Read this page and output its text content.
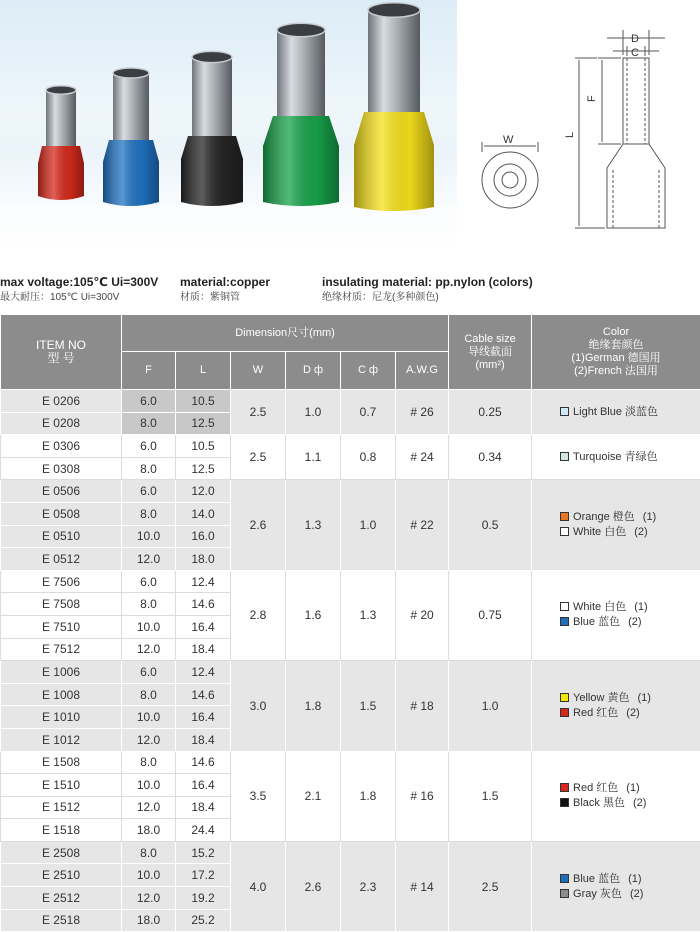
W
D
C
F
L
max voltage:105℃ Ui=300V
最大耐压：105℃ Ui=300V
material:copper
材质：紫铜管
insulating material: pp.nylon (colors)
绝缘材质：尼龙(多种颜色)
ITEM NO
型 号	Dimension尺寸(mm)						Cable size
导线截面
(mm²)	Color
绝缘套颜色
(1)German 德国用
(2)French 法国用

	F	L	W	D ф	C ф	A.W.G		
E 0206	6.0	10.5	2.5	1.0	0.7	# 26	0.25	Light Blue 淡蓝色

E 0208	8.0	12.5						
E 0306	6.0	10.5	2.5	1.1	0.8	# 24	0.34	Turquoise 青绿色

E 0308	8.0	12.5						
E 0506	6.0	12.0	2.6	1.3	1.0	# 22	0.5	Orange 橙色 (1)
White 白色 (2)

E 0508	8.0	14.0						
E 0510	10.0	16.0						
E 0512	12.0	18.0						
E 7506	6.0	12.4	2.8	1.6	1.3	# 20	0.75	White 白色 (1)
Blue 蓝色 (2)

E 7508	8.0	14.6						
E 7510	10.0	16.4						
E 7512	12.0	18.4						
E 1006	6.0	12.4	3.0	1.8	1.5	# 18	1.0	Yellow 黄色 (1)
Red 红色 (2)

E 1008	8.0	14.6						
E 1010	10.0	16.4						
E 1012	12.0	18.4						
E 1508	8.0	14.6	3.5	2.1	1.8	# 16	1.5	Red 红色 (1)
Black 黑色 (2)

E 1510	10.0	16.4						
E 1512	12.0	18.4						
E 1518	18.0	24.4						
E 2508	8.0	15.2	4.0	2.6	2.3	# 14	2.5	Blue 蓝色 (1)
Gray 灰色 (2)

E 2510	10.0	17.2						
E 2512	12.0	19.2						
E 2518	18.0	25.2						
